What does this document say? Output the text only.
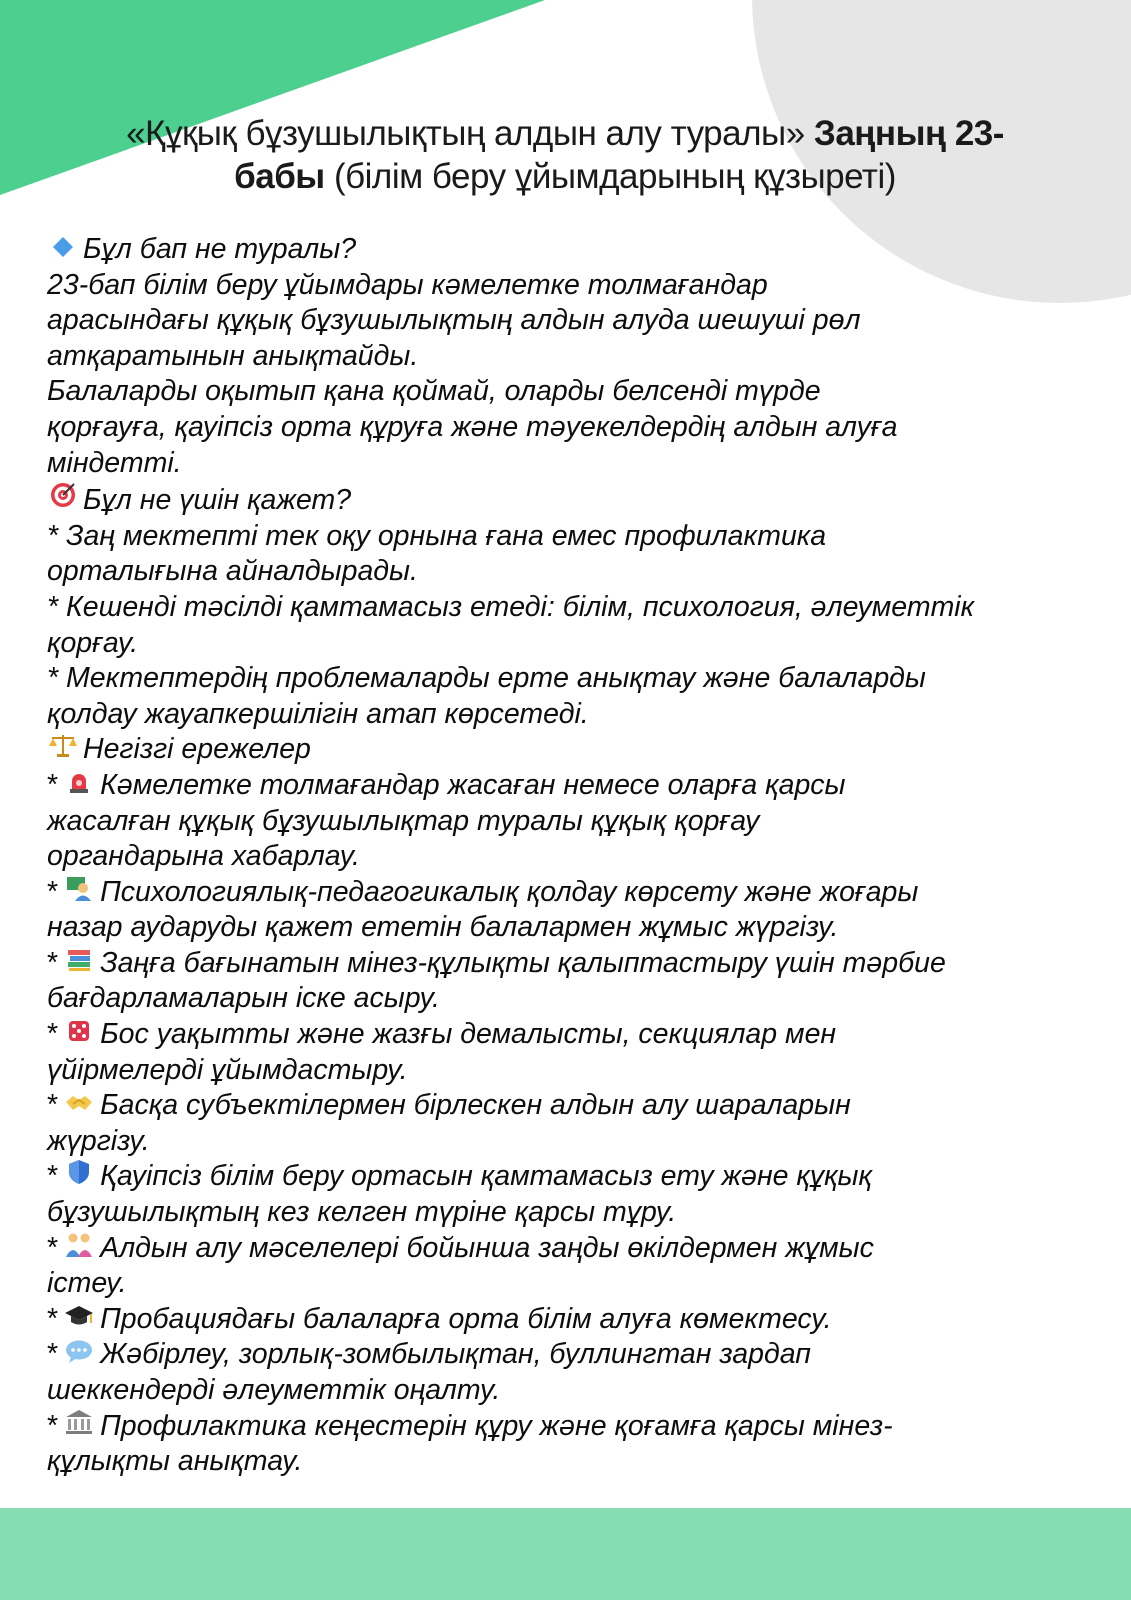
«Құқық бұзушылықтың алдын алу туралы» Заңның 23-
бабы (білім беру ұйымдарының құзыреті)
Бұл бап не туралы?
23-бап білім беру ұйымдары кәмелетке толмағандар
арасындағы құқық бұзушылықтың алдын алуда шешуші рөл
атқаратынын анықтайды.
Балаларды оқытып қана қоймай, оларды белсенді түрде
қорғауға, қауіпсіз орта құруға және тәуекелдердің алдын алуға
міндетті.
Бұл не үшін қажет?
* Заң мектепті тек оқу орнына ғана емес профилактика
орталығына айналдырады.
* Кешенді тәсілді қамтамасыз етеді: білім, психология, әлеуметтік
қорғау.
* Мектептердің проблемаларды ерте анықтау және балаларды
қолдау жауапкершілігін атап көрсетеді.
Негізгі ережелер
* Кәмелетке толмағандар жасаған немесе оларға қарсы
жасалған құқық бұзушылықтар туралы құқық қорғау
органдарына хабарлау.
* Психологиялық-педагогикалық қолдау көрсету және жоғары
назар аударуды қажет ететін балалармен жұмыс жүргізу.
* Заңға бағынатын мінез-құлықты қалыптастыру үшін тәрбие
бағдарламаларын іске асыру.
* Бос уақытты және жазғы демалысты, секциялар мен
үйірмелерді ұйымдастыру.
* Басқа субъектілермен бірлескен алдын алу шараларын
жүргізу.
* Қауіпсіз білім беру ортасын қамтамасыз ету және құқық
бұзушылықтың кез келген түріне қарсы тұру.
* Алдын алу мәселелері бойынша заңды өкілдермен жұмыс
істеу.
* Пробациядағы балаларға орта білім алуға көмектесу.
* Жәбірлеу, зорлық-зомбылықтан, буллингтан зардап
шеккендерді әлеуметтік оңалту.
* Профилактика кеңестерін құру және қоғамға қарсы мінез-
құлықты анықтау.
